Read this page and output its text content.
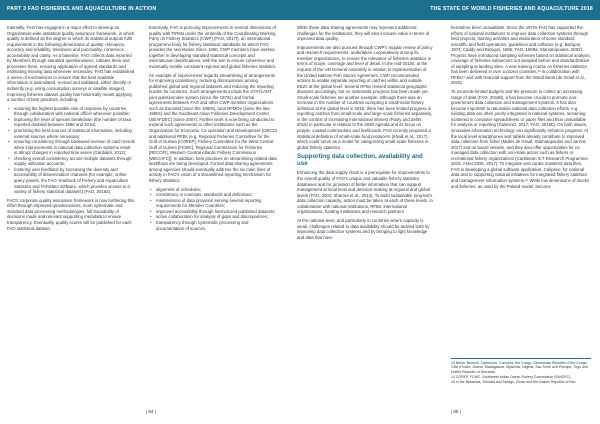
PART 3 FAO FISHERIES AND AQUACULTURE IN ACTION	THE STATE OF WORLD FISHERIES AND AQUACULTURE 2018

Internally, FAO has engaged in a major effort to develop an Organization-wide statistical quality assurance framework, in which quality is defined as the degree to which its statistical outputs fulfil requirements in the following dimensions of quality: relevance, accuracy and reliability, timeliness and punctuality, coherence, accessibility and clarity. As a baseline, FAO collects data reported by Members through standard questionnaires, collates them and processes them, ensuring application of agreed standards and estimating missing data whenever necessary. FAO has established a series of mechanisms to ensure that the best available information is assimilated, revised and validated, either directly or indirectly (e.g. using consumption surveys or satellite images). Improving fisheries dataset quality has historically meant applying a number of best practices, including:

• ensuring the highest possible rate of response by countries through collaboration with national officer whenever possible;
• improving the level of species breakdown (the number of taxa reported doubled between 1996 and 2016);
• prioritizing the best sources of statistical information, including external sources where necessary;
• ensuring consistency through backward revision of catch trends when improvements in national data collection systems result in abrupt changes in reported time series (Garibaldi, 2012);
• checking overall consistency across multiple datasets through supply utilization accounts;
• fostering user feedback by increasing the diversity and accessibility of dissemination channels (for example, online query panels, the FAO Yearbook of Fishery and Aquaculture Statistics and FishStatJ software, which provides access to a variety of fishery statistical datasets) (FAO, 2018a).

FAO's corporate quality assurance framework is now furthering this effort through improved questionnaires, more systematic and standard data processing methodologies, full traceability of decisions made and relevant supporting metadata to ensure transparency. Eventually, quality scores will be published for each FAO statistical dataset.

Externally, FAO is pursuing improvements in several dimensions of quality with FIRMs under the umbrella of the Coordinating Working Party on Fishery Statistics (CWP) (FAO, 2017f), an international programme body for fishery statistical standards for which FAO provides the secretariat. Since 1960, CWP members have worked together in developing standard statistical concepts and international classifications, with the aim to ensure coherence and eventually enable consistent regional and global fisheries statistics.

An example of improvement regards streamlining of arrangements for improving consistency, reducing discrepancies among published global and regional datasets and reducing the reporting burden for countries. Such arrangements include the STATLANT joint questionnaire system (since the 1970s) and formal agreements between FAO and other CWP member organizations such as Eurostat (since the 1980s), tuna RFMOs (since the late 1990s) and the Southeast Asian Fisheries Development Center (SEAFDEC) (since 2007). Further work is now being conducted to expand such agreements to other institutions such as the Organization for Economic Co-operation and Development (OECD) and additional RFBs (e.g. Regional Fisheries Committee for the Gulf of Guinea [COREP], Fishery Committee for the West Central Gulf of Guinea [FCWC], Regional Commission for Fisheries [RECOFI], Western Central Atlantic Fishery Commission [WECAFC]). In addition, best practices on streamlining related data workflows are being developed. Formal data sharing agreements among agencies should eventually address the six main lines of activity in FAO's vision of a streamlined reporting mechanism for fishery statistics:

• alignment of schedules;
• consistency in concepts, standards and definitions;
• maintenance of data provision serving several reporting requirements for Member Countries;
• improved accessibility through harmonized published datasets;
• active collaboration for analysis of gaps and discrepancies;
• transparency through systematic processing and documentation of sources.

While these data sharing agreements may represent additional challenges for the institutions, they will also increase value in terms of improved data quality.

Improvements are also pursued through CWP's regular review of policy and research requirements, undertaken cooperatively among its member organizations, to ensure the relevance of fisheries statistics in terms of scope, coverage and level of detail. In the mid-2010s, at the request of the UN General Assembly in relation to implementation of the United Nations Fish Stocks Agreement, CWP recommended actions to enable separate reporting of catches within and outside EEZs at the global level. Several RFBs revised statistical geographic divisions accordingly, but no systematic progress has been made yet. Small-scale fisheries are another example: although there was an increase in the number of countries accepting a small-scale fishery definition at the global level in 2016, there has been limited progress in reporting catches from small-scale and large-scale fisheries separately, in the context of increasing international interest (Pauly and Zeller, 2016) in particular in relation to the 2030 Agenda and its focus on people, coastal communities and livelihoods. FAO recently proposed a statistical definition of small-scale food producers (Khalil et al., 2017), which could serve as a model for categorizing small-scale fisheries in global fishery statistics.

Supporting data collection, availability and use

Enhancing the data supply chain is a prerequisite for improvements to the overall quality of FAO's unique and valuable fishery statistics databases and for provision of better information that can support management at local level and decision-making at regional and global levels (FAO, 2002; Sharma et al., 2014). To build sustainable long-term data collection capacity, action must be taken at each of these levels, in collaboration with national institutions, RFBs, international organizations, funding institutions and research partners.

At the national level, and particularly in countries where capacity is weak, challenges related to data availability should be tackled both by improving data collection systems and by bringing to light knowledge and data that have

heretofore been unavailable. Since the 1970s FAO has supported the efforts of national institutions to improve data collection systems through field projects, training activities and elaboration of some standard scientific and field operations, guidelines and software (e.g. Bazigos, 1974; Caddy and Bazigos, 1985; FAO, 1999a; Stamatopoulos, 2002). Projects have introduced sampling schemes based on statistical analysis, coverage of fisheries subsectors not sampled before and standardization of sampling at landing sites. A new training course on fisheries statistics has been delivered in over a dozen countries,¹³ in collaboration with RFBs¹⁴ and with financial support from the World Bank (de Graaf et al., 2016).

To reconcile limited budgets and the pressure to collect an increasing range of data (FAO, 2018b), it has become crucial to promote non-government data collection and management systems. It has also become important to rationalize national data collection efforts, e.g. existing data are often poorly integrated in national systems, remaining scattered in computer spreadsheets or paper files and thus unavailable for analysis or reporting (Gutierrez, 2017; FAO, 2018b). On both issues, innovative information technology can significantly enhance progress: At the local level smartphones and tablets already contribute to improved data collection from fisher (Muller de Graaf, Stamatopoulos and Jarrett, 2017) and on board vessels, and they also offer opportunities for co-managed data collection with non-state actors such as fishers or recreational fishery organizations (Caribbean ICT Research Programme, 2016; ANACODE, 2017). To integrate and curate scattered data files, FAO is developing a global software application, Calipseo, for national data and to supporting national initiatives for integrated fishery statistics and management information systems.¹⁵ While low dimensions of stocks and fisheries, as used by the Poland model, become

13 Benin, Burundi, Cameroon, Comoros, the Congo, Democratic Republic of the Congo, Côte d'Ivoire, Gabon, Madagascar, Myanmar, Nigeria, Sao Tome and Principe, Togo and United Republic of Tanzania.
14 COREP, FCWC, Southwest Indian Ocean Fishery Commission (SWIOFC).
15 In the Bahamas, Trinidad and Tobago, Oman and the Islamic Republic of Iran.
| 94 |	| 95 |
